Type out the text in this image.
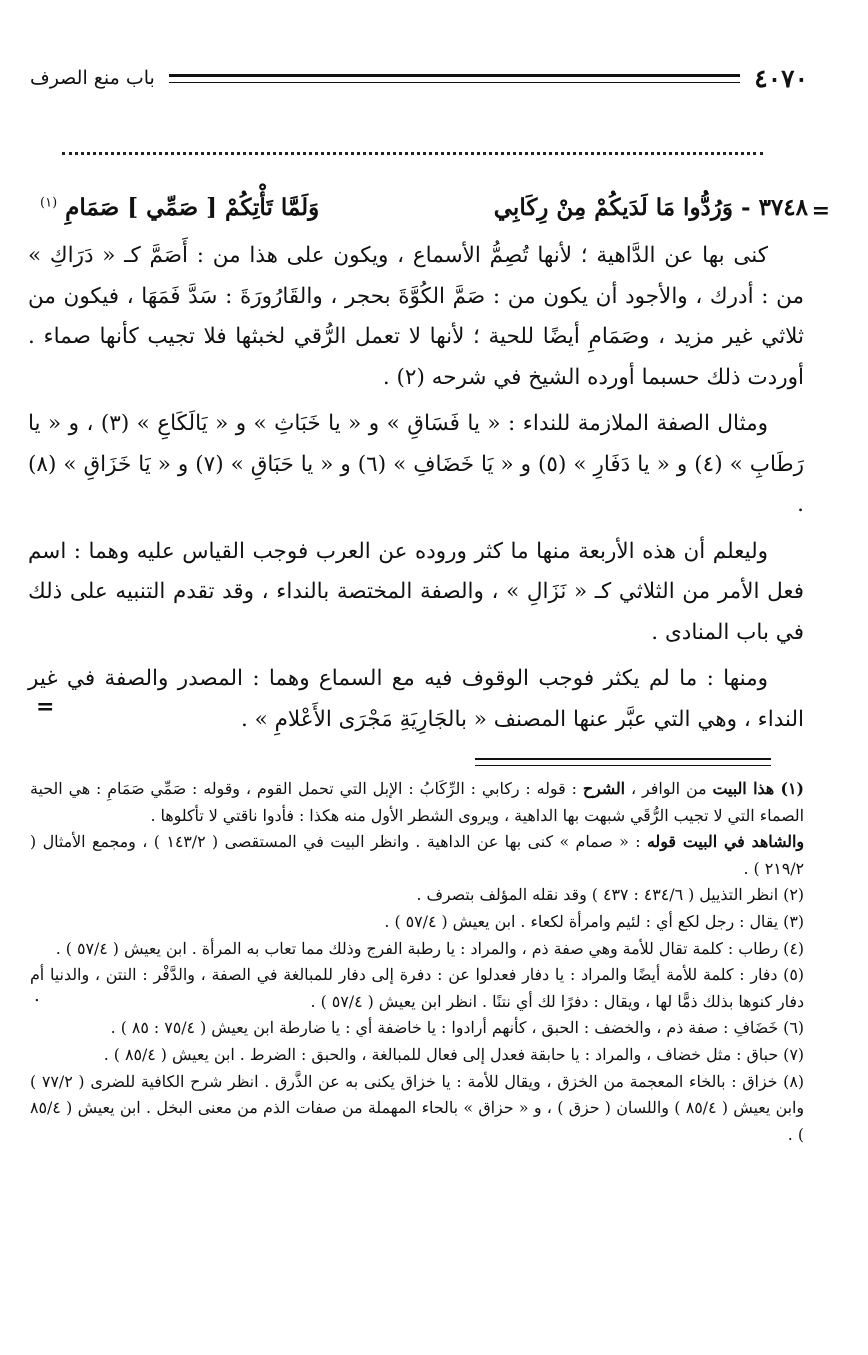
٤٠٧٠
باب منع الصرف
=
٣٧٤٨ - وَرُدُّوا مَا لَدَيكُمْ مِنْ رِكَابِي
وَلَمَّا تَأْتِكُمْ [ صَمِّي ] صَمَامِ $^{(١)}$

كنى بها عن الدَّاهية ؛ لأنها تُصِمُّ الأسماع ، ويكون على هذا من : أَصَمَّ كـ « دَرَاكِ » من : أدرك ، والأجود أن يكون من : صَمَّ الكُوَّةَ بحجر ، والقَارُورَةَ : سَدَّ فَمَهَا ، فيكون من ثلاثي غير مزيد ، وصَمَامِ أيضًا للحية ؛ لأنها لا تعمل الرُّقي لخبثها فلا تجيب كأنها صماء . أوردت ذلك حسبما أورده الشيخ في شرحه (٢) .

ومثال الصفة الملازمة للنداء : « يا فَسَاقِ » و « يا خَبَاثِ » و « يَالَكَاعِ » (٣) ، و « يا رَطَابِ » (٤) و « يا دَفَارِ » (٥) و « يَا خَضَافِ » (٦) و « يا حَبَاقِ » (٧) و « يَا خَزَاقِ » (٨) .

وليعلم أن هذه الأربعة منها ما كثر وروده عن العرب فوجب القياس عليه وهما : اسم فعل الأمر من الثلاثي كـ « نَزَالِ » ، والصفة المختصة بالنداء ، وقد تقدم التنبيه على ذلك في باب المنادى .

ومنها : ما لم يكثر فوجب الوقوف فيه مع السماع وهما : المصدر والصفة في غير النداء ، وهي التي عبَّر عنها المصنف « بالجَارِيَةِ مَجْرَى الأَعْلامِ » .

=

(١) هذا البيت من الوافر ، الشرح : قوله : ركابي : الرِّكَابُ : الإبل التي تحمل القوم ، وقوله : صَمِّي صَمَامِ : هي الحية الصماء التي لا تجيب الرُّقَي شبهت بها الداهية ، ويروى الشطر الأول منه هكذا : فأدوا ناقتي لا تأكلوها .

والشاهد في البيت قوله : « صمام » كنى بها عن الداهية . وانظر البيت في المستقصى ( ١٤٣/٢ ) ، ومجمع الأمثال ( ٢١٩/٢ ) .

(٢) انظر التذييل ( ٤٣٤/٦ : ٤٣٧ ) وقد نقله المؤلف بتصرف .

(٣) يقال : رجل لكع أي : لئيم وامرأة لكعاء . ابن يعيش ( ٥٧/٤ ) .

(٤) رطاب : كلمة تقال للأمة وهي صفة ذم ، والمراد : يا رطبة الفرج وذلك مما تعاب به المرأة . ابن يعيش ( ٥٧/٤ ) .

(٥) دفار : كلمة للأمة أيضًا والمراد : يا دفار فعدلوا عن : دفرة إلى دفار للمبالغة في الصفة ، والدَّفْر : النتن ، والدنيا أم دفار كنوها بذلك ذمًّا لها ، ويقال : دفرًا لك أي نتنًا . انظر ابن يعيش ( ٥٧/٤ ) .

(٦) خَضَافِ : صفة ذم ، والخضف : الحبق ، كأنهم أرادوا : يا خاضفة أي : يا ضارطة ابن يعيش ( ٧٥/٤ : ٨٥ ) .

(٧) حباق : مثل خضاف ، والمراد : يا حابقة فعدل إلى فعال للمبالغة ، والحبق : الضرط . ابن يعيش ( ٨٥/٤ ) .

(٨) خزاق : بالخاء المعجمة من الخزق ، ويقال للأمة : يا خزاق يكنى به عن الذَّرق . انظر شرح الكافية للضرى ( ٧٧/٢ ) وابن يعيش ( ٨٥/٤ ) واللسان ( حزق ) ، و « حزاق » بالحاء المهملة من صفات الذم من معنى البخل . ابن يعيش ( ٨٥/٤ ) .

.
